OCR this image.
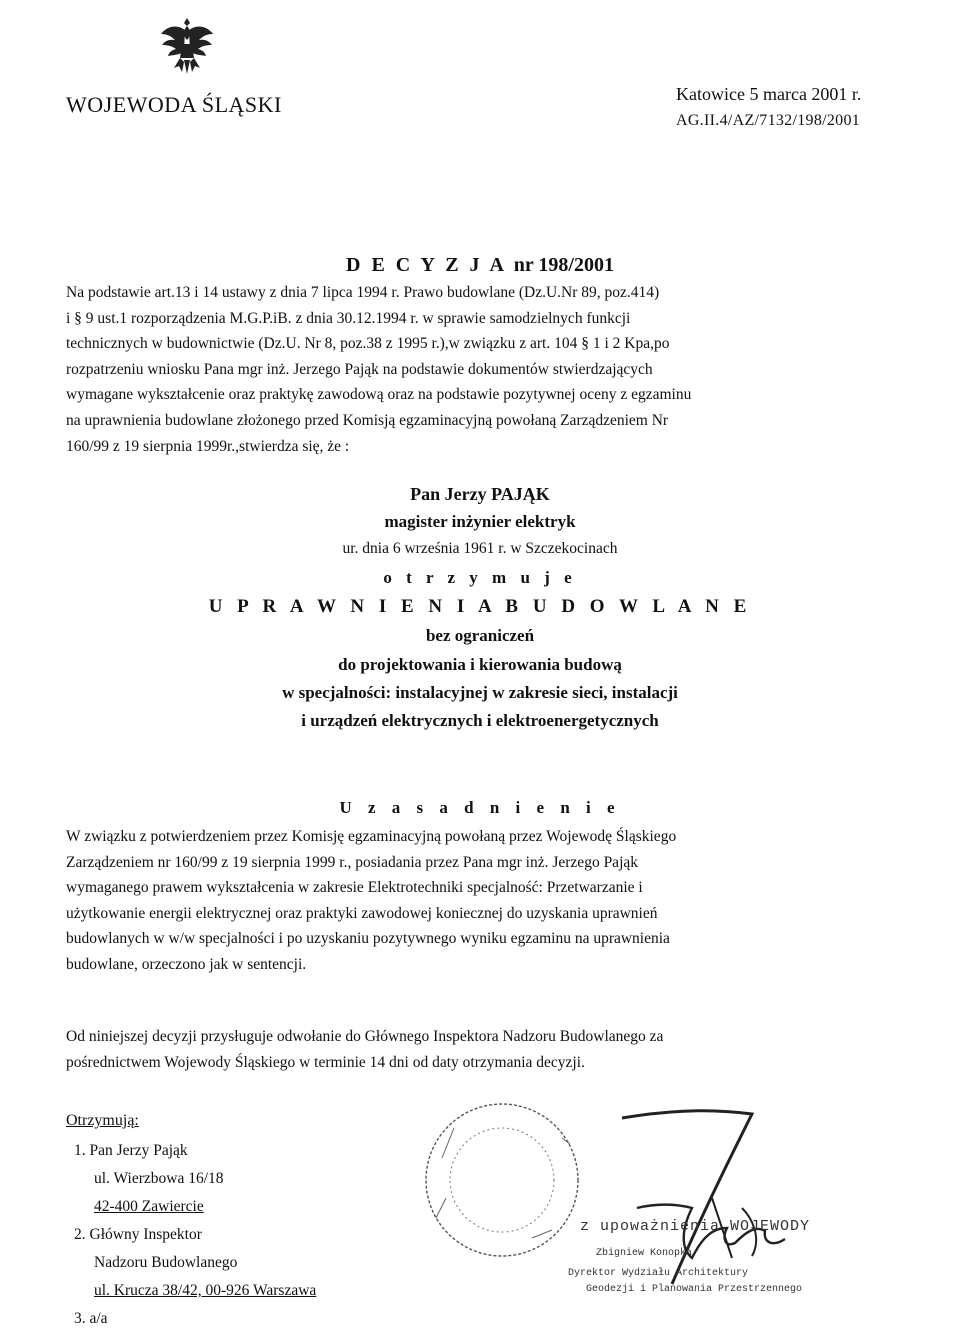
WOJEWODA ŚLĄSKI	Katowice 5 marca 2001 r.
AG.II.4/AZ/7132/198/2001
D E C Y Z J A nr 198/2001
Na podstawie art.13 i 14 ustawy z dnia 7 lipca 1994 r. Prawo budowlane (Dz.U.Nr 89, poz.414)
i § 9 ust.1 rozporządzenia M.G.P.iB. z dnia 30.12.1994 r. w sprawie samodzielnych funkcji
technicznych w budownictwie (Dz.U. Nr 8, poz.38 z 1995 r.),w związku z art. 104 § 1 i 2 Kpa,po
rozpatrzeniu wniosku Pana mgr inż. Jerzego Pająk na podstawie dokumentów stwierdzających
wymagane wykształcenie oraz praktykę zawodową oraz na podstawie pozytywnej oceny z egzaminu
na uprawnienia budowlane złożonego przed Komisją egzaminacyjną powołaną Zarządzeniem Nr
160/99 z 19 sierpnia 1999r.,stwierdza się, że :
Pan Jerzy PAJĄK
magister inżynier elektryk
ur. dnia 6 września 1961 r. w Szczekocinach
o t r z y m u j e
U P R A W N I E N I A B U D O W L A N E
bez ograniczeń
do projektowania i kierowania budową
w specjalności: instalacyjnej w zakresie sieci, instalacji
i urządzeń elektrycznych i elektroenergetycznych
U z a s a d n i e n i e
W związku z potwierdzeniem przez Komisję egzaminacyjną powołaną przez Wojewodę Śląskiego
Zarządzeniem nr 160/99 z 19 sierpnia 1999 r., posiadania przez Pana mgr inż. Jerzego Pająk
wymaganego prawem wykształcenia w zakresie Elektrotechniki specjalność: Przetwarzanie i
użytkowanie energii elektrycznej oraz praktyki zawodowej koniecznej do uzyskania uprawnień
budowlanych w w/w specjalności i po uzyskaniu pozytywnego wyniku egzaminu na uprawnienia
budowlane, orzeczono jak w sentencji.
Od niniejszej decyzji przysługuje odwołanie do Głównego Inspektora Nadzoru Budowlanego za
pośrednictwem Wojewody Śląskiego w terminie 14 dni od daty otrzymania decyzji.
Otrzymują:
1. Pan Jerzy Pająk
ul. Wierzbowa 16/18
42-400 Zawiercie
2. Główny Inspektor
Nadzoru Budowlanego
ul. Krucza 38/42, 00-926 Warszawa
3. a/a
z upoważnienia WOJEWODY
Zbigniew Konopka
Dyrektor Wydziału Architektury
Geodezji i Planowania Przestrzennego
